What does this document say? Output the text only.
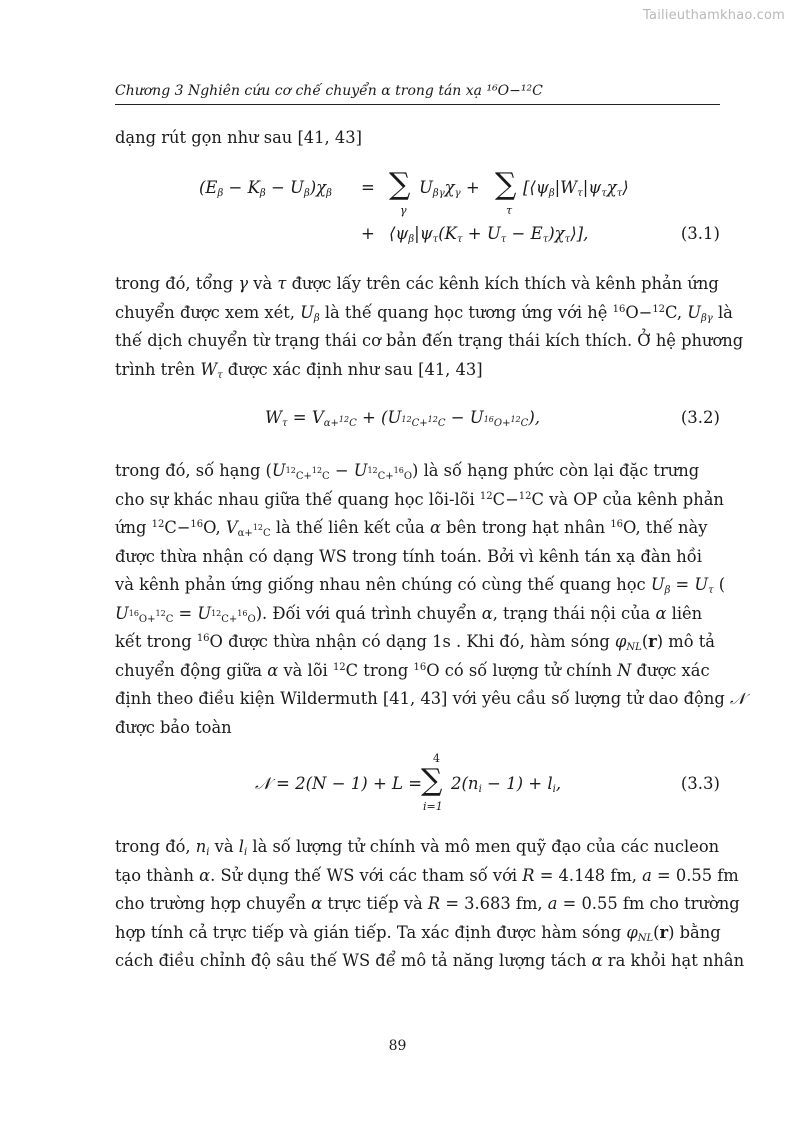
Tailieuthamkhao.com
Chương 3 Nghiên cứu cơ chế chuyển α trong tán xạ ¹⁶O−¹²C
dạng rút gọn như sau [41, 43]
$(E_\beta - K_\beta - U_\beta)\chi_\beta$ = ∑
γ
$U_{\beta\gamma}\chi_\gamma$ + ∑
τ
[$⟨\psi_\beta|W_\tau|\psi_\tau\chi_\tau⟩$
+ $⟨\psi_\beta|\psi_\tau(K_\tau + U_\tau$ − $E_\tau)\chi_\tau⟩$],	(3.1)
trong đó, tổng γ và τ được lấy trên các kênh kích thích và kênh phản ứng
chuyển được xem xét, $U_\beta$ là thế quang học tương ứng với hệ $^{16}$O−$^{12}$C, $U_{\beta\gamma}$ là
thế dịch chuyển từ trạng thái cơ bản đến trạng thái kích thích. Ở hệ phương
trình trên $W_\tau$ được xác định như sau [41, 43]
$W_\tau = V_{\alpha+^{12}C} + (U_{^{12}C+^{12}C} - U_{^{16}O+^{12}C})$,	(3.2)
trong đó, số hạng $(U_{^{12}C+^{12}C} - U_{^{12}C+^{16}O})$ là số hạng phức còn lại đặc trưng
cho sự khác nhau giữa thế quang học lõi-lõi $^{12}$C−$^{12}$C và OP của kênh phản
ứng $^{12}$C−$^{16}$O, $V_{\alpha+^{12}C}$ là thế liên kết của α bên trong hạt nhân $^{16}$O, thế này
được thừa nhận có dạng WS trong tính toán. Bởi vì kênh tán xạ đàn hồi
và kênh phản ứng giống nhau nên chúng có cùng thế quang học $U_\beta = U_\tau$ (
$U_{^{16}O+^{12}C} = U_{^{12}C+^{16}O}$). Đối với quá trình chuyển α, trạng thái nội của α liên
kết trong $^{16}$O được thừa nhận có dạng 1s . Khi đó, hàm sóng $\varphi_{NL}(r)$ mô tả
chuyển động giữa α và lõi $^{12}$C trong $^{16}$O có số lượng tử chính N được xác
định theo điều kiện Wildermuth [41, 43] với yêu cầu số lượng tử dao động 𝒩
được bảo toàn
𝒩 = 2(N − 1) + L =
4
∑
i=1
$2(n_i - 1) + l_i$,	(3.3)
trong đó, $n_i$ và $l_i$ là số lượng tử chính và mô men quỹ đạo của các nucleon
tạo thành α. Sử dụng thế WS với các tham số với R = 4.148 fm, a = 0.55 fm
cho trường hợp chuyển α trực tiếp và R = 3.683 fm, a = 0.55 fm cho trường
hợp tính cả trực tiếp và gián tiếp. Ta xác định được hàm sóng $\varphi_{NL}(r)$ bằng
cách điều chỉnh độ sâu thế WS để mô tả năng lượng tách α ra khỏi hạt nhân
89
